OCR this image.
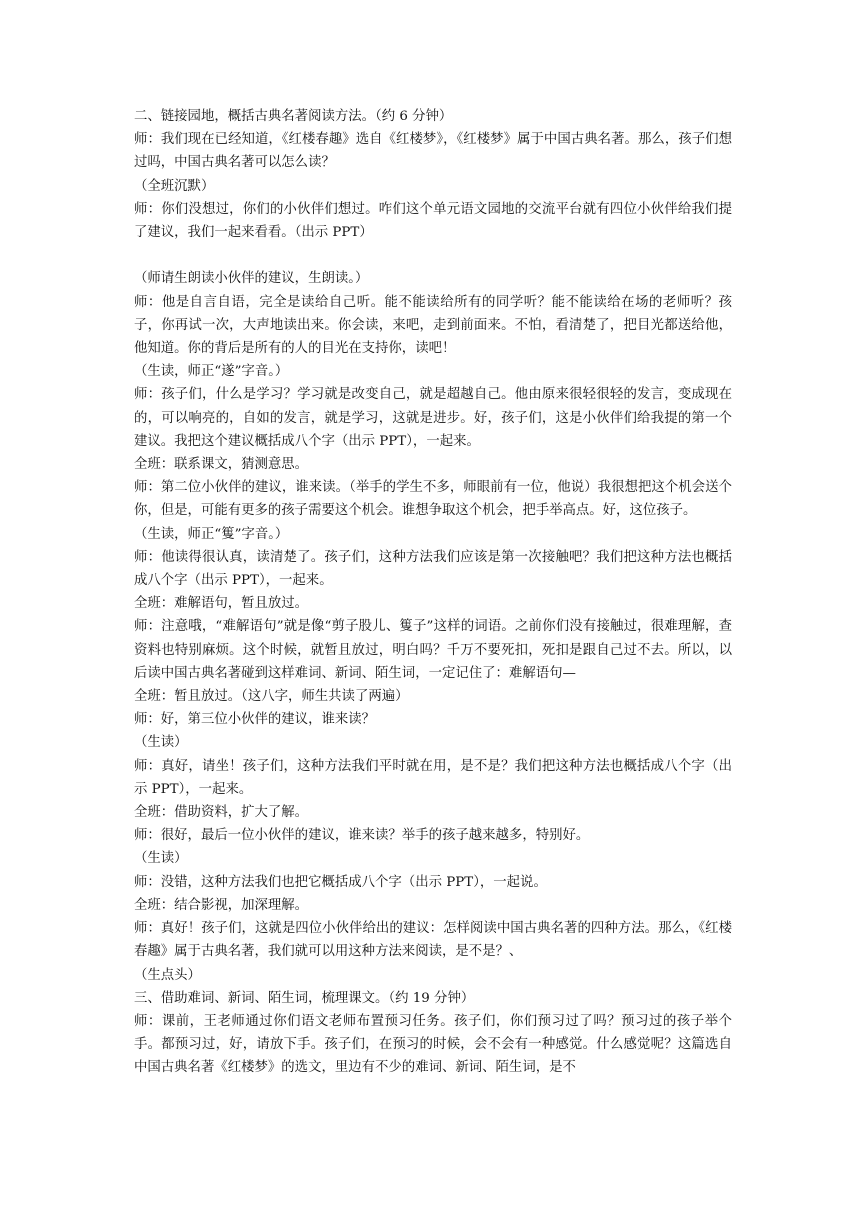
二、链接园地，概括古典名著阅读方法。（约 6 分钟）

师：我们现在已经知道，《红楼春趣》选自《红楼梦》，《红楼梦》属于中国古典名著。那么，孩子们想过吗，中国古典名著可以怎么读？

（全班沉默）

师：你们没想过，你们的小伙伴们想过。咋们这个单元语文园地的交流平台就有四位小伙伴给我们提了建议，我们一起来看看。（出示 PPT）

（师请生朗读小伙伴的建议，生朗读。）

师：他是自言自语，完全是读给自己听。能不能读给所有的同学听？能不能读给在场的老师听？孩子，你再试一次，大声地读出来。你会读，来吧，走到前面来。不怕，看清楚了，把目光都送给他，他知道。你的背后是所有的人的目光在支持你，读吧！

（生读，师正“遂”字音。）

师：孩子们，什么是学习？学习就是改变自己，就是超越自己。他由原来很轻很轻的发言，变成现在的，可以响亮的，自如的发言，就是学习，这就是进步。好，孩子们，这是小伙伴们给我提的第一个建议。我把这个建议概括成八个字（出示 PPT），一起来。

全班：联系课文，猜测意思。

师：第二位小伙伴的建议，谁来读。（举手的学生不多，师眼前有一位，他说）我很想把这个机会送个你，但是，可能有更多的孩子需要这个机会。谁想争取这个机会，把手举高点。好，这位孩子。

（生读，师正“篗”字音。）

师：他读得很认真，读清楚了。孩子们，这种方法我们应该是第一次接触吧？我们把这种方法也概括成八个字（出示 PPT），一起来。

全班：难解语句，暂且放过。

师：注意哦，“难解语句”就是像“剪子股儿、篗子”这样的词语。之前你们没有接触过，很难理解，查资料也特别麻烦。这个时候，就暂且放过，明白吗？千万不要死扣，死扣是跟自己过不去。所以，以后读中国古典名著碰到这样难词、新词、陌生词，一定记住了：难解语句—

全班：暂且放过。（这八字，师生共读了两遍）

师：好，第三位小伙伴的建议，谁来读？

（生读）

师：真好，请坐！孩子们，这种方法我们平时就在用，是不是？我们把这种方法也概括成八个字（出示 PPT），一起来。

全班：借助资料，扩大了解。

师：很好，最后一位小伙伴的建议，谁来读？举手的孩子越来越多，特别好。

（生读）

师：没错，这种方法我们也把它概括成八个字（出示 PPT），一起说。

全班：结合影视，加深理解。

师：真好！孩子们，这就是四位小伙伴给出的建议：怎样阅读中国古典名著的四种方法。那么，《红楼春趣》属于古典名著，我们就可以用这种方法来阅读，是不是？、

（生点头）

三、借助难词、新词、陌生词，梳理课文。（约 19 分钟）

师：课前，王老师通过你们语文老师布置预习任务。孩子们，你们预习过了吗？预习过的孩子举个手。都预习过，好，请放下手。孩子们，在预习的时候，会不会有一种感觉。什么感觉呢？这篇选自中国古典名著《红楼梦》的选文，里边有不少的难词、新词、陌生词，是不
